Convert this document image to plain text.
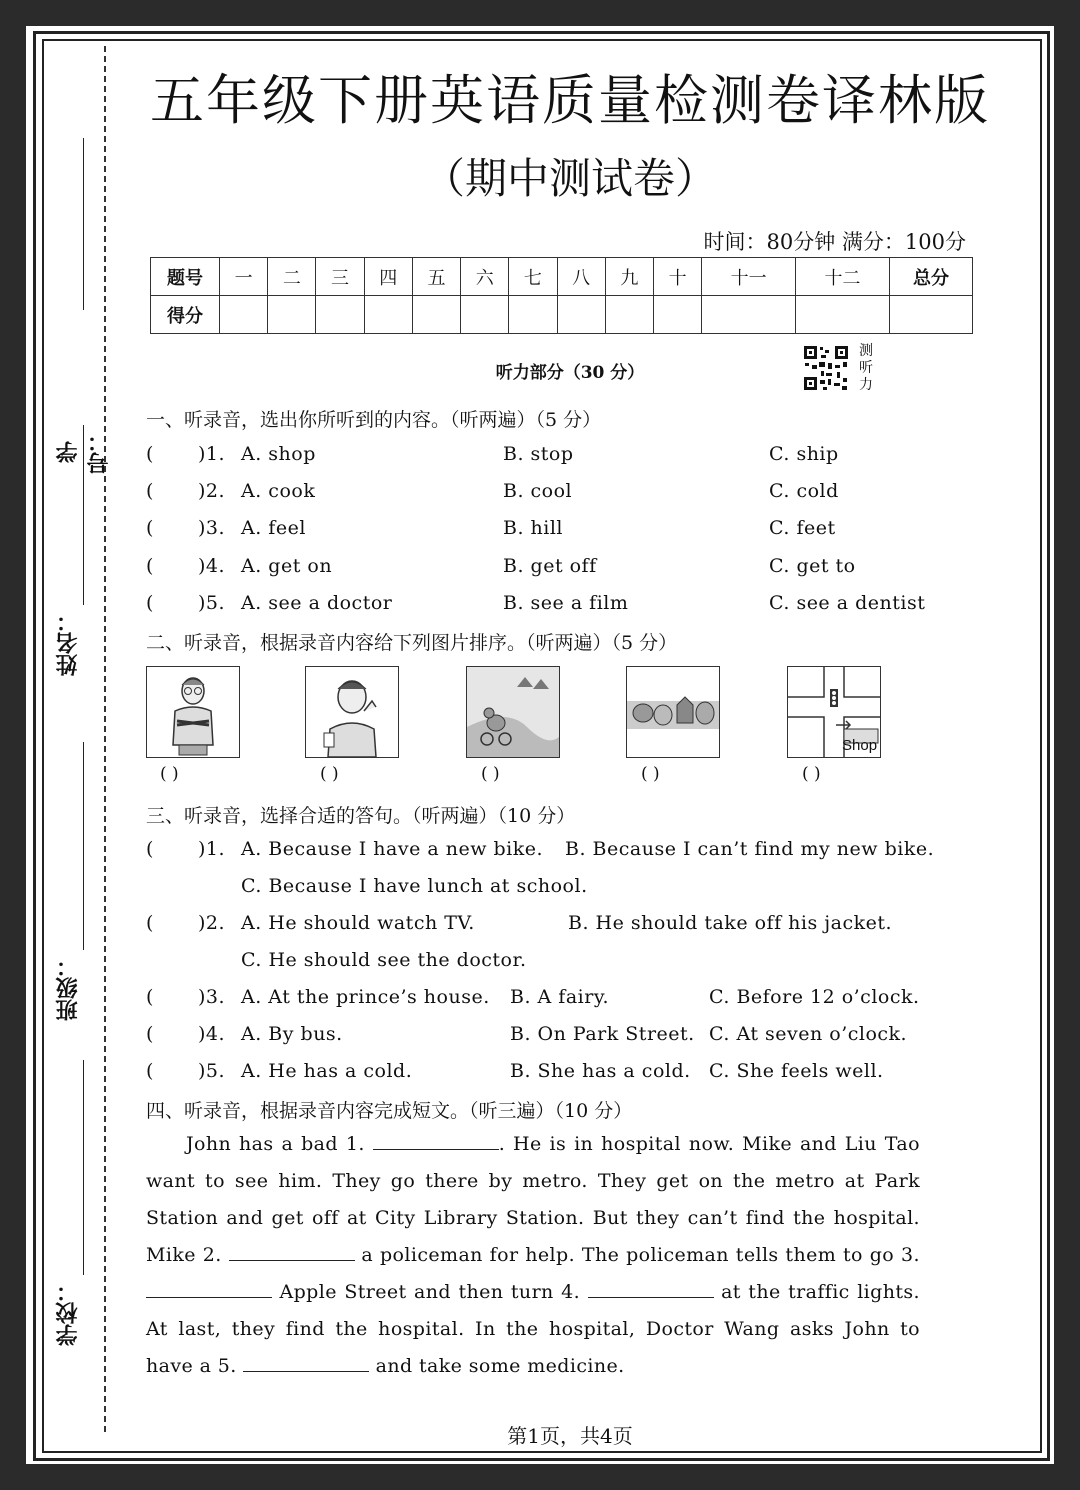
学号：
姓名：
班级：
学校：
五年级下册英语质量检测卷译林版
（期中测试卷）
时间：80分钟 满分：100分
题号	一	二	三	四	五	六	七	八	九	十	十一	十二	总分
得分													
听力部分（30 分）
测
听
力
一、听录音，选出你所听到的内容。（听两遍）（5 分）
( )1. A. shop	B. stop	C. ship
( )2. A. cook	B. cool	C. cold
( )3. A. feel	B. hill	C. feet
( )4. A. get on	B. get off	C. get to
( )5. A. see a doctor	B. see a film	C. see a dentist
二、听录音，根据录音内容给下列图片排序。（听两遍）（5 分）
Shop
( )	( )	( )	( )	( )
三、听录音，选择合适的答句。（听两遍）（10 分）
( )1. A. Because I have a new bike. B. Because I can’t find my new bike.
C. Because I have lunch at school.
( )2. A. He should watch TV.	B. He should take off his jacket.
C. He should see the doctor.
( )3. A. At the prince’s house. B. A fairy.	C. Before 12 o’clock.
( )4. A. By bus.	B. On Park Street. C. At seven o’clock.
( )5. A. He has a cold.	B. She has a cold. C. She feels well.
四、听录音，根据录音内容完成短文。（听三遍）（10 分）
John has a bad 1.	. He is in hospital now. Mike and Liu Tao want to see him. They go there by metro. They get on the metro at Park Station and get off at City Library Station. But they can’t find the hospital. Mike 2.	a policeman for help. The policeman tells them to go 3.  Apple Street and then turn 4.	at the traffic lights. At last, they find the hospital. In the hospital, Doctor Wang asks John to have a 5.	and take some medicine.
第1页，共4页
